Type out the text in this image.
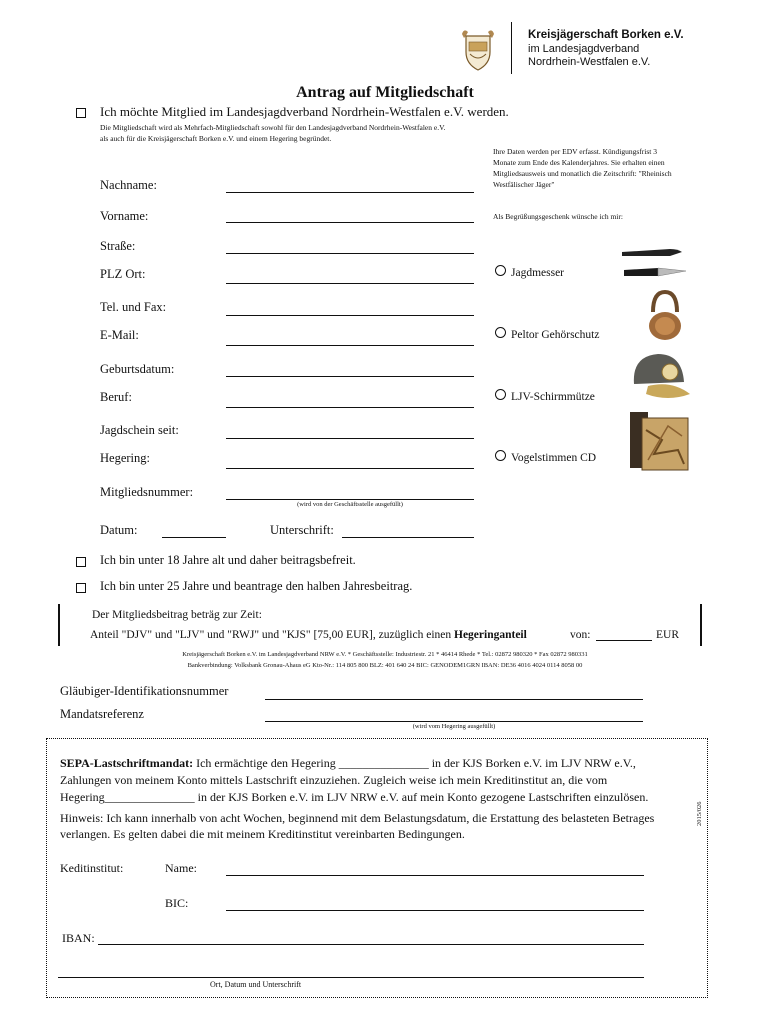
Kreisjägerschaft Borken e.V.
im Landesjagdverband
Nordrhein-Westfalen e.V.
Antrag auf Mitgliedschaft
Ich möchte Mitglied im Landesjagdverband Nordrhein-Westfalen e.V. werden.
Die Mitgliedschaft wird als Mehrfach-Mitgliedschaft sowohl für den Landesjagdverband Nordrhein-Westfalen e.V.
als auch für die Kreisjägerschaft Borken e.V. und einem Hegering begründet.
Ihre Daten werden per EDV erfasst. Kündigungsfrist 3
Monate zum Ende des Kalenderjahres. Sie erhalten einen
Mitgliedsausweis und monatlich die Zeitschrift: "Rheinisch
Westfälischer Jäger"
Als Begrüßungsgeschenk wünsche ich mir:
Nachname:
Vorname:
Straße:
PLZ Ort:
Tel. und Fax:
E-Mail:
Geburtsdatum:
Beruf:
Jagdschein seit:
Hegering:
Mitgliedsnummer:
(wird von der Geschäftsstelle ausgefüllt)
Datum:	Unterschrift:
Jagdmesser
Peltor Gehörschutz
LJV-Schirmmütze
Vogelstimmen CD
Ich bin unter 18 Jahre alt und daher beitragsbefreit.
Ich bin unter 25 Jahre und beantrage den halben Jahresbeitrag.
Der Mitgliedsbeitrag beträg zur Zeit:
Anteil "DJV" und "LJV" und "RWJ" und "KJS" [75,00 EUR], zuzüglich einen Hegeringanteil	von:	EUR
Kreisjägerschaft Borken e.V. im Landesjagdverband NRW e.V. * Geschäftsstelle: Industriestr. 21 * 46414 Rhede * Tel.: 02872 980320 * Fax 02872 980331
Bankverbindung: Volksbank Gronau-Ahaus eG Kto-Nr.: 114 805 800 BLZ: 401 640 24 BIC: GENODEM1GRN IBAN: DE36 4016 4024 0114 8058 00
Gläubiger-Identifikationsnummer
Mandatsreferenz
(wird vom Hegering ausgefüllt)
SEPA-Lastschriftmandat: Ich ermächtige den Hegering _______________ in der KJS Borken e.V. im LJV NRW e.V.,
Zahlungen von meinem Konto mittels Lastschrift einzuziehen. Zugleich weise ich mein Kreditinstitut an, die vom
Hegering_______________ in der KJS Borken e.V. im LJV NRW e.V. auf mein Konto gezogene Lastschriften einzulösen.
Hinweis: Ich kann innerhalb von acht Wochen, beginnend mit dem Belastungsdatum, die Erstattung des belasteten Betrages
verlangen. Es gelten dabei die mit meinem Kreditinstitut vereinbarten Bedingungen.
2015/026
Keditinstitut:	Name:
BIC:
IBAN:
Ort, Datum und Unterschrift
